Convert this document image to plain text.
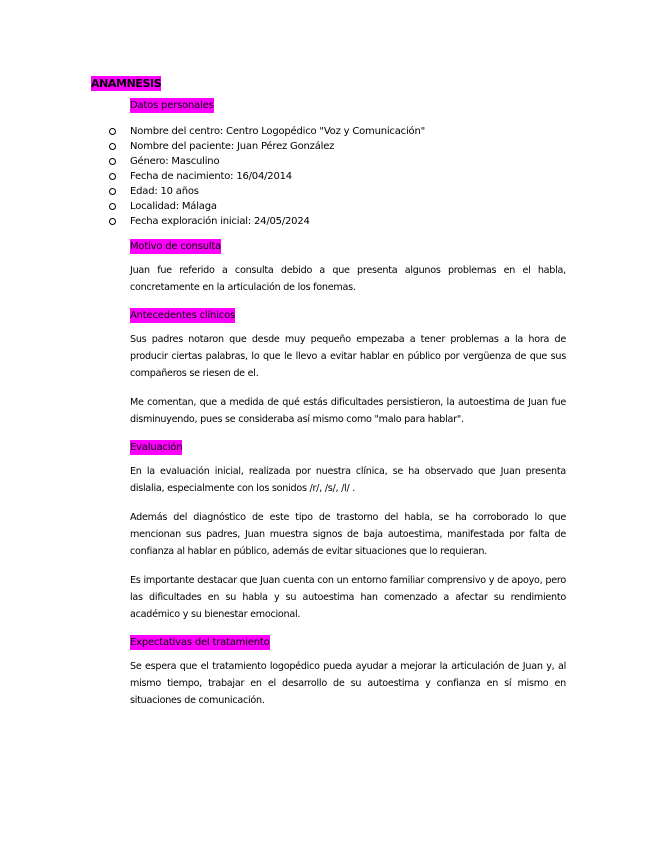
ANAMNESIS
Datos personales
Nombre del centro: Centro Logopédico "Voz y Comunicación"
Nombre del paciente: Juan Pérez González
Género: Masculino
Fecha de nacimiento: 16/04/2014
Edad: 10 años
Localidad: Málaga
Fecha exploración inicial: 24/05/2024
Motivo de consulta

Juan fue referido a consulta debido a que presenta algunos problemas en el habla, concretamente en la articulación de los fonemas.

Antecedentes clínicos

Sus padres notaron que desde muy pequeño empezaba a tener problemas a la hora de producir ciertas palabras, lo que le llevo a evitar hablar en público por vergüenza de que sus compañeros se riesen de el.

Me comentan, que a medida de qué estás dificultades persistieron, la autoestima de Juan fue disminuyendo, pues se consideraba así mismo como "malo para hablar".

Evaluación

En la evaluación inicial, realizada por nuestra clínica, se ha observado que Juan presenta dislalia, especialmente con los sonidos /r/, /s/, /l/ .

Además del diagnóstico de este tipo de trastorno del habla, se ha corroborado lo que mencionan sus padres, Juan muestra signos de baja autoestima, manifestada por falta de confianza al hablar en público, además de evitar situaciones que lo requieran.

Es importante destacar que Juan cuenta con un entorno familiar comprensivo y de apoyo, pero las dificultades en su habla y su autoestima han comenzado a afectar su rendimiento académico y su bienestar emocional.

Expectativas del tratamiento

Se espera que el tratamiento logopédico pueda ayudar a mejorar la articulación de Juan y, al mismo tiempo, trabajar en el desarrollo de su autoestima y confianza en sí mismo en situaciones de comunicación.
